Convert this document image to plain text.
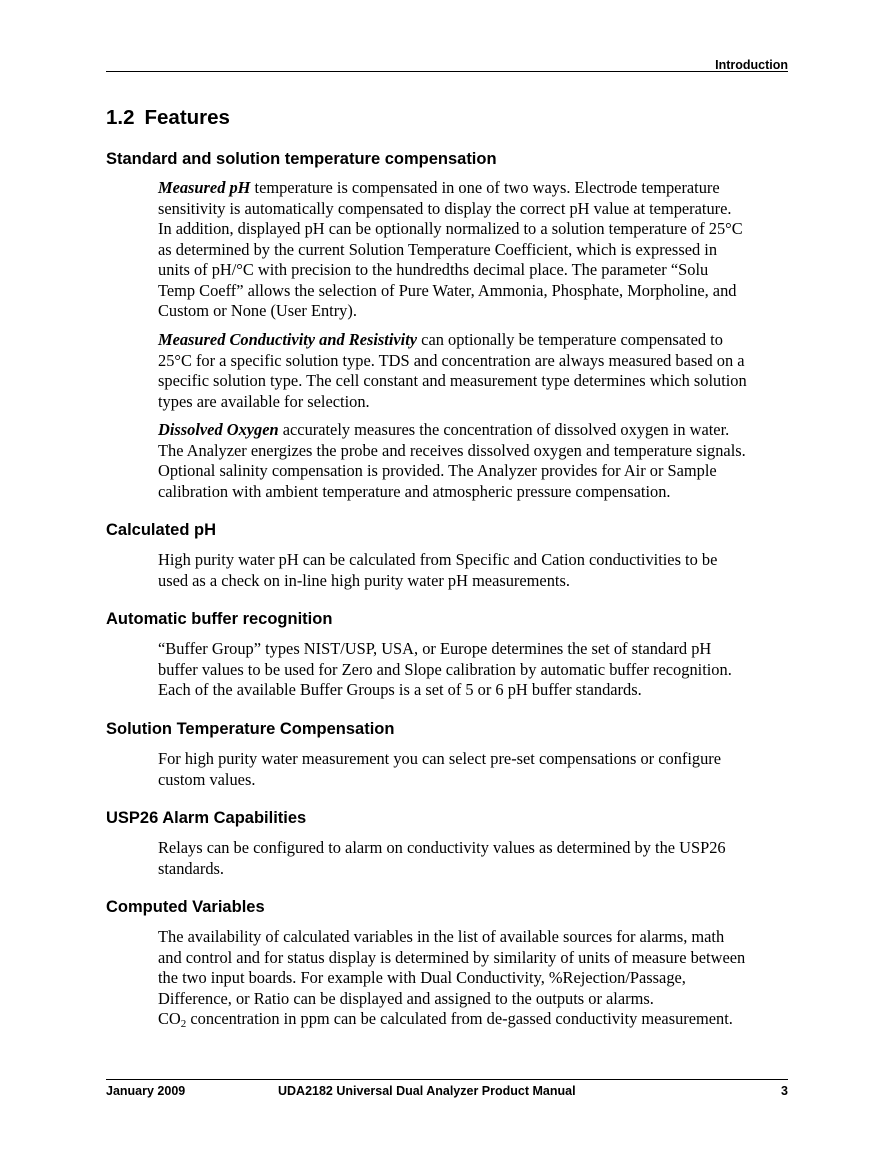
Introduction
1.2 Features
Standard and solution temperature compensation

Measured pH temperature is compensated in one of two ways. Electrode temperature
sensitivity is automatically compensated to display the correct pH value at temperature.
In addition, displayed pH can be optionally normalized to a solution temperature of 25°C
as determined by the current Solution Temperature Coefficient, which is expressed in
units of pH/°C with precision to the hundredths decimal place. The parameter “Solu
Temp Coeff” allows the selection of Pure Water, Ammonia, Phosphate, Morpholine, and
Custom or None (User Entry).

Measured Conductivity and Resistivity can optionally be temperature compensated to
25°C for a specific solution type. TDS and concentration are always measured based on a
specific solution type. The cell constant and measurement type determines which solution
types are available for selection.

Dissolved Oxygen accurately measures the concentration of dissolved oxygen in water.
The Analyzer energizes the probe and receives dissolved oxygen and temperature signals.
Optional salinity compensation is provided. The Analyzer provides for Air or Sample
calibration with ambient temperature and atmospheric pressure compensation.

Calculated pH

High purity water pH can be calculated from Specific and Cation conductivities to be
used as a check on in-line high purity water pH measurements.

Automatic buffer recognition

“Buffer Group” types NIST/USP, USA, or Europe determines the set of standard pH
buffer values to be used for Zero and Slope calibration by automatic buffer recognition.
Each of the available Buffer Groups is a set of 5 or 6 pH buffer standards.

Solution Temperature Compensation

For high purity water measurement you can select pre-set compensations or configure
custom values.

USP26 Alarm Capabilities

Relays can be configured to alarm on conductivity values as determined by the USP26
standards.

Computed Variables

The availability of calculated variables in the list of available sources for alarms, math
and control and for status display is determined by similarity of units of measure between
the two input boards. For example with Dual Conductivity, %Rejection/Passage,
Difference, or Ratio can be displayed and assigned to the outputs or alarms.
$CO_2$ concentration in ppm can be calculated from de-gassed conductivity measurement.

January 2009	UDA2182 Universal Dual Analyzer Product Manual	3
